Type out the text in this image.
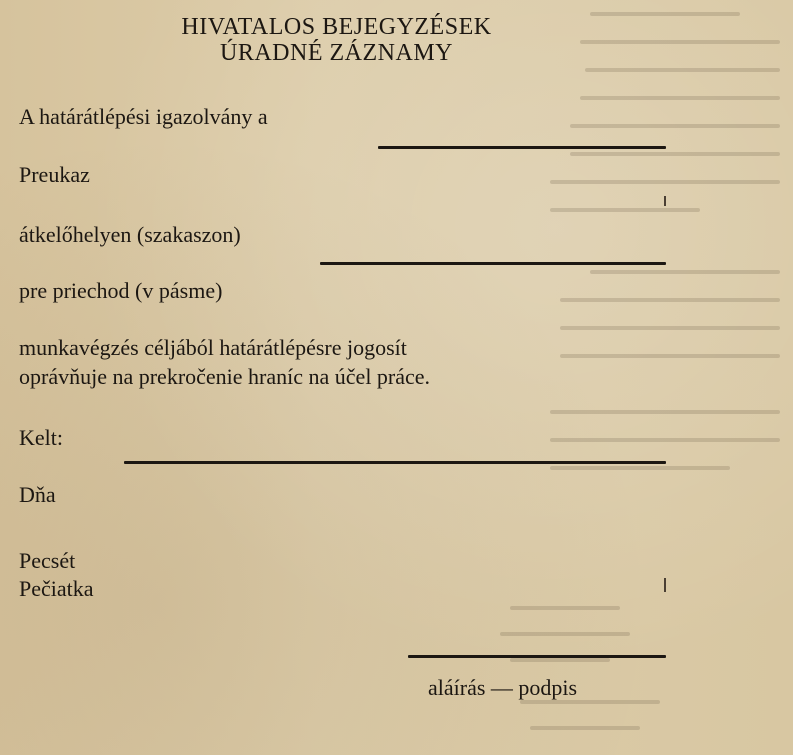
HIVATALOS BEJEGYZÉSEK
ÚRADNÉ ZÁZNAMY
A határátlépési igazolvány a
Preukaz
átkelőhelyen (szakaszon)
pre priechod (v pásme)
munkavégzés céljából határátlépésre jogosít
oprávňuje na prekročenie hraníc na účel práce.
Kelt:
Dňa
Pecsét
Pečiatka
aláírás — podpis
